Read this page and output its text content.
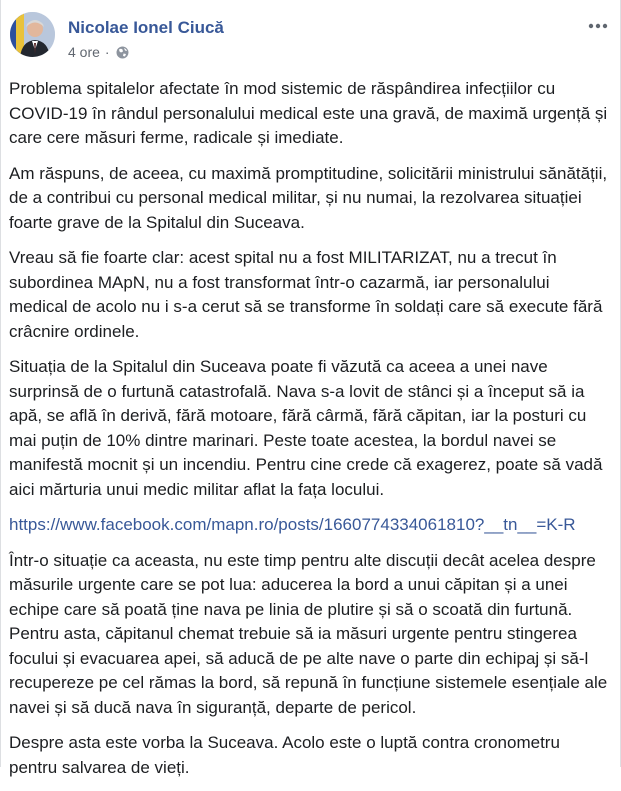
Nicolae Ionel Ciucă
4 ore ·

Problema spitalelor afectate în mod sistemic de răspândirea infecțiilor cu COVID-19 în rândul personalului medical este una gravă, de maximă urgență și care cere măsuri ferme, radicale și imediate.

Am răspuns, de aceea, cu maximă promptitudine, solicitării ministrului sănătății, de a contribui cu personal medical militar, și nu numai, la rezolvarea situației foarte grave de la Spitalul din Suceava.

Vreau să fie foarte clar: acest spital nu a fost MILITARIZAT, nu a trecut în subordinea MApN, nu a fost transformat într-o cazarmă, iar personalului medical de acolo nu i s-a cerut să se transforme în soldați care să execute fără crâcnire ordinele.

Situația de la Spitalul din Suceava poate fi văzută ca aceea a unei nave surprinsă de o furtună catastrofală. Nava s-a lovit de stânci și a început să ia apă, se află în derivă, fără motoare, fără cârmă, fără căpitan, iar la posturi cu mai puțin de 10% dintre marinari. Peste toate acestea, la bordul navei se manifestă mocnit și un incendiu. Pentru cine crede că exagerez, poate să vadă aici mărturia unui medic militar aflat la fața locului.

https://www.facebook.com/mapn.ro/posts/1660774334061810?__tn__=K-R

Într-o situație ca aceasta, nu este timp pentru alte discuții decât acelea despre măsurile urgente care se pot lua: aducerea la bord a unui căpitan și a unei echipe care să poată ține nava pe linia de plutire și să o scoată din furtună. Pentru asta, căpitanul chemat trebuie să ia măsuri urgente pentru stingerea focului și evacuarea apei, să aducă de pe alte nave o parte din echipaj și să-l recupereze pe cel rămas la bord, să repună în funcțiune sistemele esențiale ale navei și să ducă nava în siguranță, departe de pericol.

Despre asta este vorba la Suceava. Acolo este o luptă contra cronometru pentru salvarea de vieți.
